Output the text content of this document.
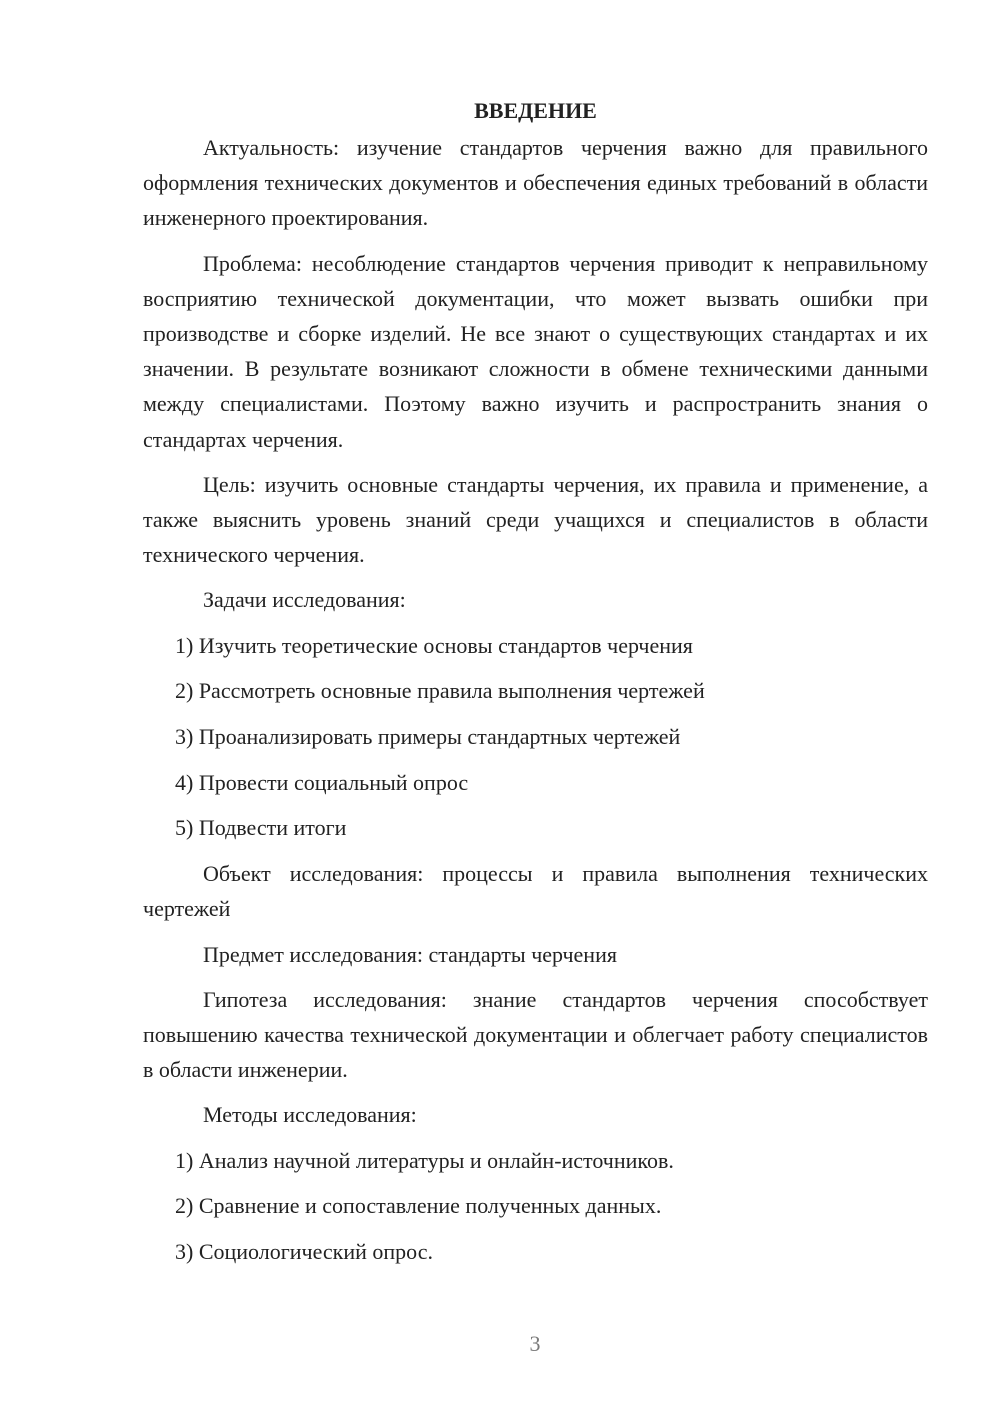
ВВЕДЕНИЕ

Актуальность: изучение стандартов черчения важно для правильного оформления технических документов и обеспечения единых требований в области инженерного проектирования.

Проблема: несоблюдение стандартов черчения приводит к неправильному восприятию технической документации, что может вызвать ошибки при производстве и сборке изделий. Не все знают о существующих стандартах и их значении. В результате возникают сложности в обмене техническими данными между специалистами. Поэтому важно изучить и распространить знания о стандартах черчения.

Цель: изучить основные стандарты черчения, их правила и применение, а также выяснить уровень знаний среди учащихся и специалистов в области технического черчения.

Задачи исследования:
1) Изучить теоретические основы стандартов черчения
2) Рассмотреть основные правила выполнения чертежей
3) Проанализировать примеры стандартных чертежей
4) Провести социальный опрос
5) Подвести итоги

Объект исследования: процессы и правила выполнения технических чертежей

Предмет исследования: стандарты черчения

Гипотеза исследования: знание стандартов черчения способствует повышению качества технической документации и облегчает работу специалистов в области инженерии.

Методы исследования:
1) Анализ научной литературы и онлайн-источников.
2) Сравнение и сопоставление полученных данных.
3) Социологический опрос.
3
